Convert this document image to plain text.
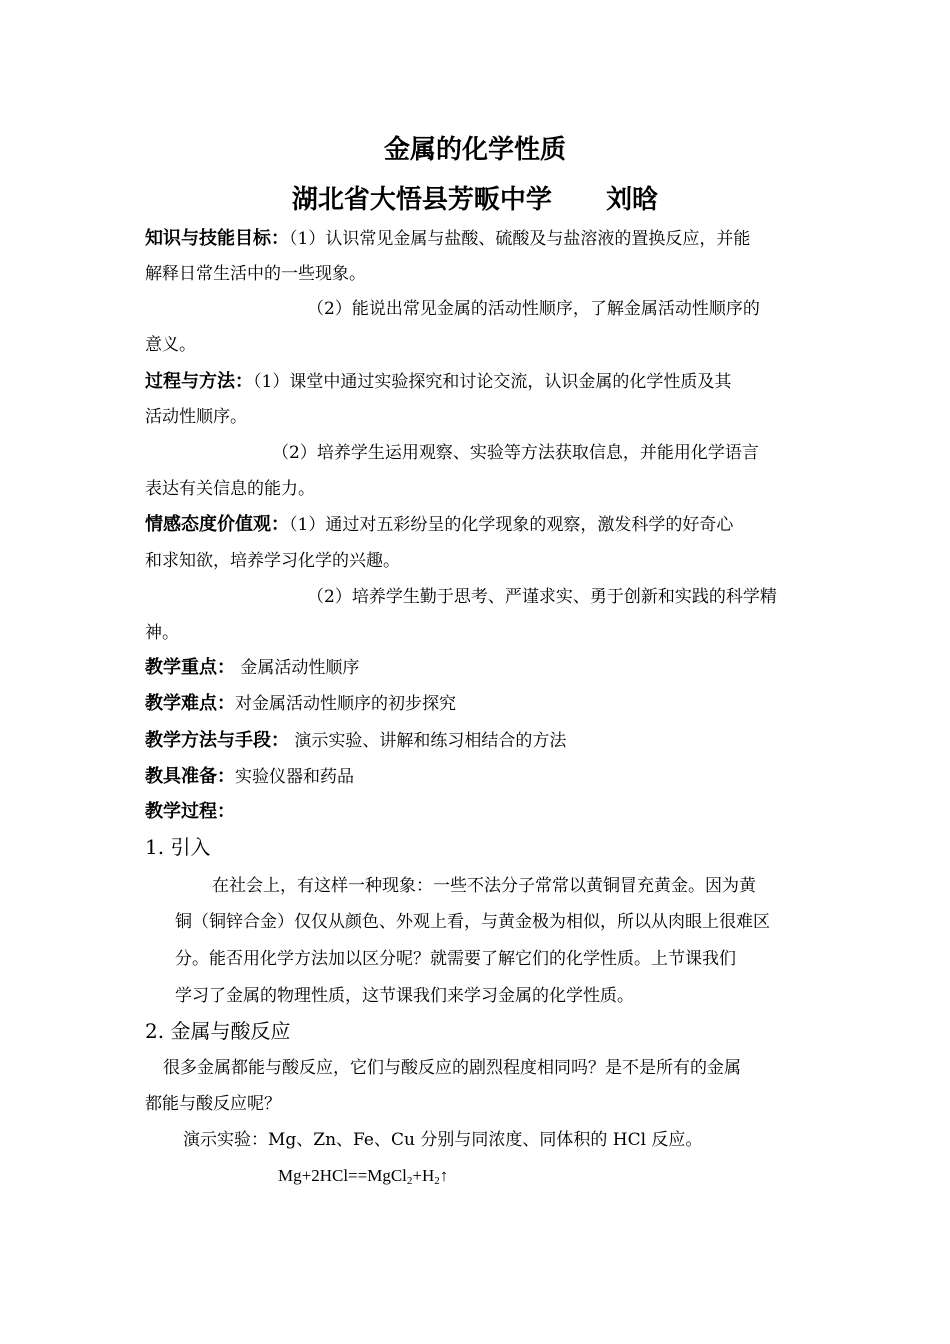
金属的化学性质
湖北省大悟县芳畈中学      刘晗
知识与技能目标：（1）认识常见金属与盐酸、硫酸及与盐溶液的置换反应，并能
解释日常生活中的一些现象。
（2）能说出常见金属的活动性顺序，了解金属活动性顺序的
意义。
过程与方法：（1）课堂中通过实验探究和讨论交流，认识金属的化学性质及其
活动性顺序。
（2）培养学生运用观察、实验等方法获取信息，并能用化学语言
表达有关信息的能力。
情感态度价值观：（1）通过对五彩纷呈的化学现象的观察，激发科学的好奇心
和求知欲，培养学习化学的兴趣。
（2）培养学生勤于思考、严谨求实、勇于创新和实践的科学精
神。
教学重点： 金属活动性顺序
教学难点：对金属活动性顺序的初步探究
教学方法与手段： 演示实验、讲解和练习相结合的方法
教具准备：实验仪器和药品
教学过程：
1. 引入
在社会上，有这样一种现象：一些不法分子常常以黄铜冒充黄金。因为黄
铜（铜锌合金）仅仅从颜色、外观上看，与黄金极为相似，所以从肉眼上很难区
分。能否用化学方法加以区分呢？就需要了解它们的化学性质。上节课我们
学习了金属的物理性质，这节课我们来学习金属的化学性质。
2. 金属与酸反应
很多金属都能与酸反应，它们与酸反应的剧烈程度相同吗？是不是所有的金属
都能与酸反应呢？
演示实验：Mg、Zn、Fe、Cu 分别与同浓度、同体积的 HCl 反应。
$Mg+2HCl==MgCl_2+H_2↑$
